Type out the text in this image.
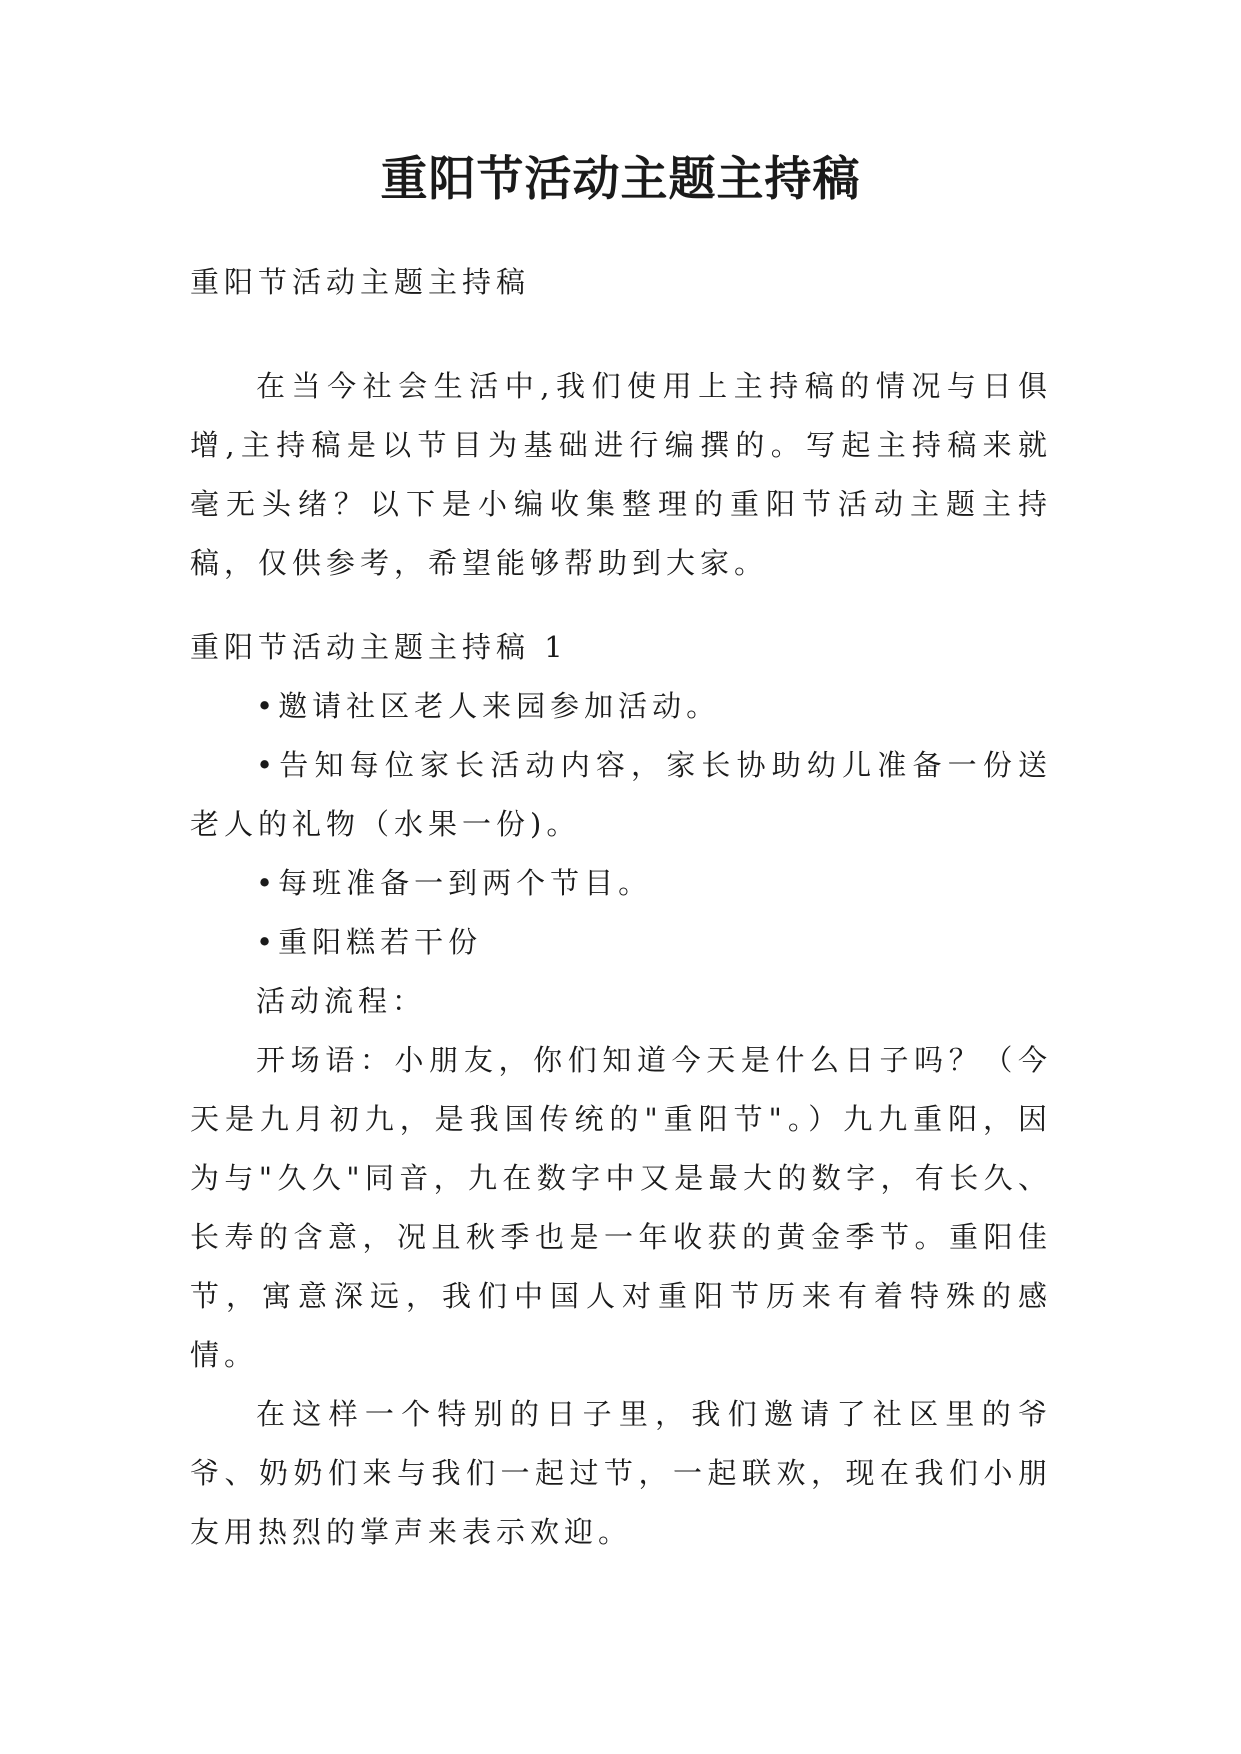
重阳节活动主题主持稿

重阳节活动主题主持稿

在当今社会生活中,我们使用上主持稿的情况与日俱增,主持稿是以节目为基础进行编撰的。写起主持稿来就毫无头绪？以下是小编收集整理的重阳节活动主题主持稿，仅供参考，希望能够帮助到大家。

重阳节活动主题主持稿 1

•邀请社区老人来园参加活动。

•告知每位家长活动内容，家长协助幼儿准备一份送老人的礼物（水果一份)。

•每班准备一到两个节目。

•重阳糕若干份

活动流程：

开场语：小朋友，你们知道今天是什么日子吗？（今天是九月初九，是我国传统的"重阳节"。）九九重阳，因为与"久久"同音，九在数字中又是最大的数字，有长久、长寿的含意，况且秋季也是一年收获的黄金季节。重阳佳节，寓意深远，我们中国人对重阳节历来有着特殊的感情。

在这样一个特别的日子里，我们邀请了社区里的爷爷、奶奶们来与我们一起过节，一起联欢，现在我们小朋友用热烈的掌声来表示欢迎。
